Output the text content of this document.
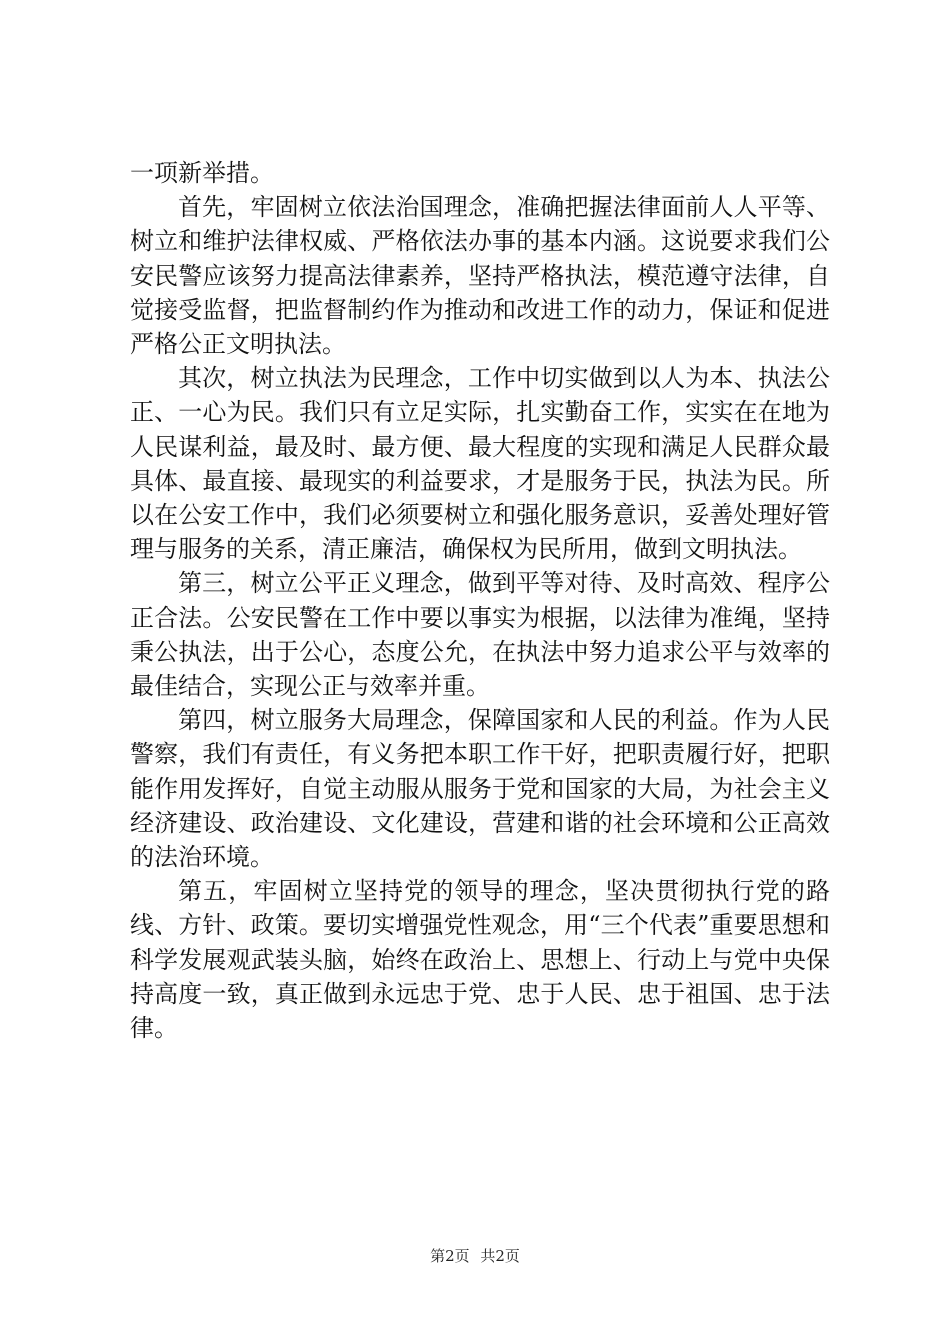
一项新举措。

首先，牢固树立依法治国理念，准确把握法律面前人人平等、树立和维护法律权威、严格依法办事的基本内涵。这说要求我们公安民警应该努力提高法律素养，坚持严格执法，模范遵守法律，自觉接受监督，把监督制约作为推动和改进工作的动力，保证和促进严格公正文明执法。

其次，树立执法为民理念，工作中切实做到以人为本、执法公正、一心为民。我们只有立足实际，扎实勤奋工作，实实在在地为人民谋利益，最及时、最方便、最大程度的实现和满足人民群众最具体、最直接、最现实的利益要求，才是服务于民，执法为民。所以在公安工作中，我们必须要树立和强化服务意识，妥善处理好管理与服务的关系，清正廉洁，确保权为民所用，做到文明执法。

第三，树立公平正义理念，做到平等对待、及时高效、程序公正合法。公安民警在工作中要以事实为根据，以法律为准绳，坚持秉公执法，出于公心，态度公允，在执法中努力追求公平与效率的最佳结合，实现公正与效率并重。

第四，树立服务大局理念，保障国家和人民的利益。作为人民警察，我们有责任，有义务把本职工作干好，把职责履行好，把职能作用发挥好，自觉主动服从服务于党和国家的大局，为社会主义经济建设、政治建设、文化建设，营建和谐的社会环境和公正高效的法治环境。

第五，牢固树立坚持党的领导的理念，坚决贯彻执行党的路线、方针、政策。要切实增强党性观念，用“三个代表”重要思想和科学发展观武装头脑，始终在政治上、思想上、行动上与党中央保持高度一致，真正做到永远忠于党、忠于人民、忠于祖国、忠于法律。

第2页 共2页
